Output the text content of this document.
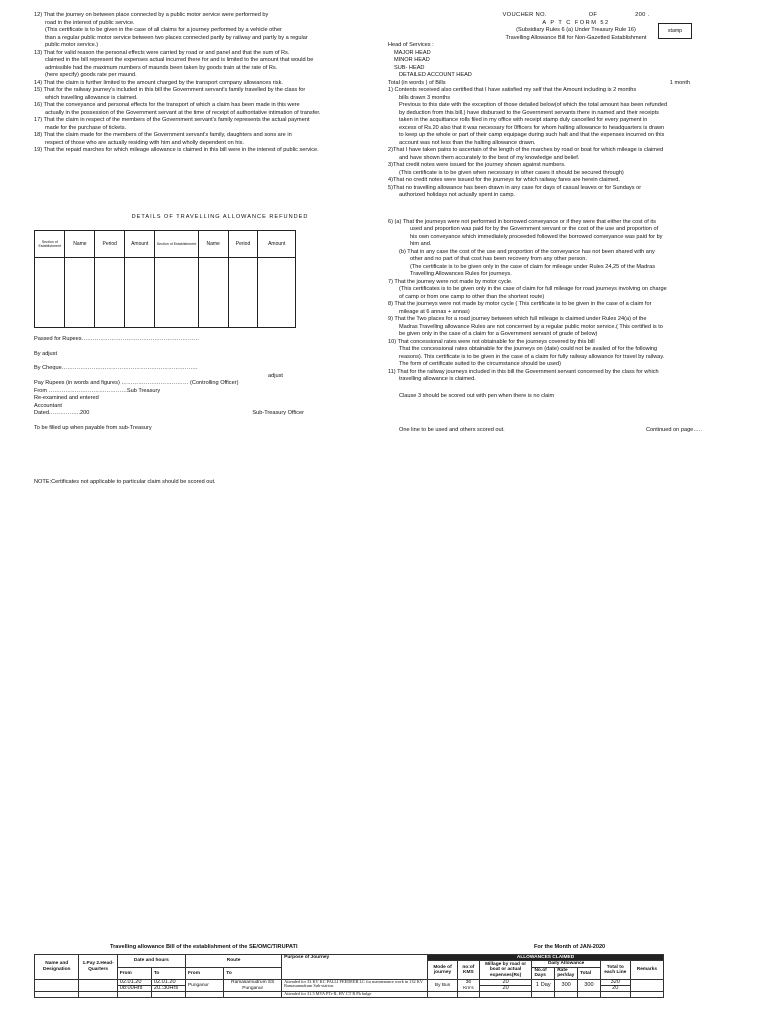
12) That the journey on between place connected by a public motor service were performed by
road in the interest of public service.
(This certificate is to be given in the case of all claims for a journey performed by a vehicle other
than a regular public motor service between two places connected partly by railway and partly by a regular
public motor service.)
13) That for valid reason the personal effects were carried by road or and panel and that the sum of Rs.
claimed in the bill represent the expenses actual incurred there for and is limited to the amount that would be
admissible had the maximum numbers of maunds been taken by goods train at the rate of Rs.
(here specify) goods rate per maund.
14) That the claim is further limited to the amount charged by the transport company allowances risk.
15) That for the railway journey's included in this bill the Government servant's family travelled by the class for
which travelling allowance is claimed.
16) That the conveyance and personal effects for the transport of which a claim has been made in this were
actually in the possession of the Government servant at the time of receipt of authoritative intimation of transfer.
17) That the claim in respect of the members of the Government servant's family represents the actual payment
made for the purchase of tickets.
18) That the claim made for the members of the Government servant's family, daughters and sons are in
respect of those who are actually residing with him and wholly dependent on his.
19) That the repaid marches for which mileage allowance is claimed in this bill were in the interest of public service.
DETAILS OF TRAVELLING ALLOWANCE REFUNDED
Section of Establishment	Name	Period	Amount	Section of Establishment	Name	Period	Amount

Passed for Rupees………………………………………………………
By adjust
By Cheque……………………………………………………………….
adjust
Pay Rupees (in words and figures) ……………………………… (Controlling Officer)
From ……………………………………Sub Treasury
Re-examined and entered
Accountant
Dated……………..200	Sub-Treasury Officer
To be filled up when payable from sub-Treasury
NOTE:Certificates not applicable to particular claim should be scored out.
stamp
VOUCHER NO.	OF	200 .
A P T C FORM 52
(Subsidiary Rules 6 (a) Under Treasury Rule 16)
Travelling Allowance Bill for Non-Gazetted Establishment
Head of Services :
MAJOR HEAD
MINOR HEAD
SUB- HEAD
DETAILED ACCOUNT HEAD
Total (in words ) of Bills	1 month
1) Contents received also certified that I have satisfied my self that the Amount including is 2 months
bills drawn 3 months
Previous to this date with the exception of those detailed below(of which the total amount has been refunded
by deduction from this bill.) have disbursed to the Government servants there in named and their receipts
taken in the acquittance rolls filed in my office with receipt stamp duly cancelled for every payment in
excess of Rs.20 also that it was necessary for 0fficers for whom halting allowance to headquarters is drawn
to keep up the whole or part of their camp equipage during such halt and that the expenses incurred on this
account was not less than the halting allowance drawn.
2)That I have taken pains to ascertain of the length of the marches by road or boat for which mileage is claimed
and have shown them accurately to the best of my knowledge and belief.
3)That credit notes were issued for the journey shown against numbers.
(This certificate is to be given when necessary in other cases it should be secured through)
4)That no credit notes were issued for the journeys for which railway fares are herein claimed.
5)That no travelling allowance has been drawn in any case for days of casual leaves or for Sundays or
authorized holidays not actually spent in camp.
6) (a) That the journeys were not performed in borrowed conveyance or if they were that either the cost of its
used and proportion was paid for by the Government servant or the cost of the use and proportion of
his own conveyance which immediately proceeded followed the borrowed conveyance was paid for by
him and.
(b) That in any case the cost of the use and proportion of the conveyance has not been shared with any
other and no part of that cost has been recovery from any other person.
(The certificate is to be given only in the case of claim for mileage under Rules 24,25 of the Madras
Travelling Allowances Rules for journeys.
7) That the journey were not made by motor cycle.
(This certificates is to be given only in the case of claim for full mileage for road journeys involving on charge
of camp or from one camp to other than the shortest route)
8) That the journeys were not made by motor cycle ( This certificate is to be given in the case of a claim for
mileage at 6 annas + annas)
9) That the Two places for a road journey between which full mileage is claimed under Rules 24(a) of the
Madras Travelling allowance Rules are not concerned by a regular public motor service.( This certified is to
be given only in the case of a claim for a Government servant of grade of below)
10) That concessional rates were not obtainable for the journeys covered by this bill
That the concessional rates obtainable for the journeys on (date) could not be availed of for the following
reasons). This certificate is to be given in the case of a claim for fully railway allowance for travel by railway.
The form of certificate suited to the circumstance should be used)
11) That for the railway journeys included in this bill the Government servant concerned by the class for which
travelling allowance is claimed.
Clause 3 should be scored out with pen when there is no claim
One line to be used and others scored out.	Continued on page…..
Travelling allowance Bill of the establishment of the SE/OMC/TIRUPATI	For the Month of JAN-2020
Name and Designation	1.Pay 2.Head-Quarters	Date and hours		Route		Purpose of Journey	ALLOWANCES CLAIMED							
							Mode of journey	no:of KMS	Millage by road or boat or actual expenses(Rs)	Daily Allowance			Total to each Line	Remarks
		From	To	From	To					No.of Days	Rate per/day	Total		
		02.01.20	02.01.20	Punganur	Ramasamudrum SS Punganur	Attended for 33 KV KC PALLI FEEDEER LC for maintenance work in 132 KV Ramasamudrum Sub-station.	By Bus	36 Km's	20	1 Day	300	300	320	
		08:00Hrs	20.:30Hrs						20				20	
						Attended for 31.5 MVA PTr-II, HV CT R Ph bulge								
